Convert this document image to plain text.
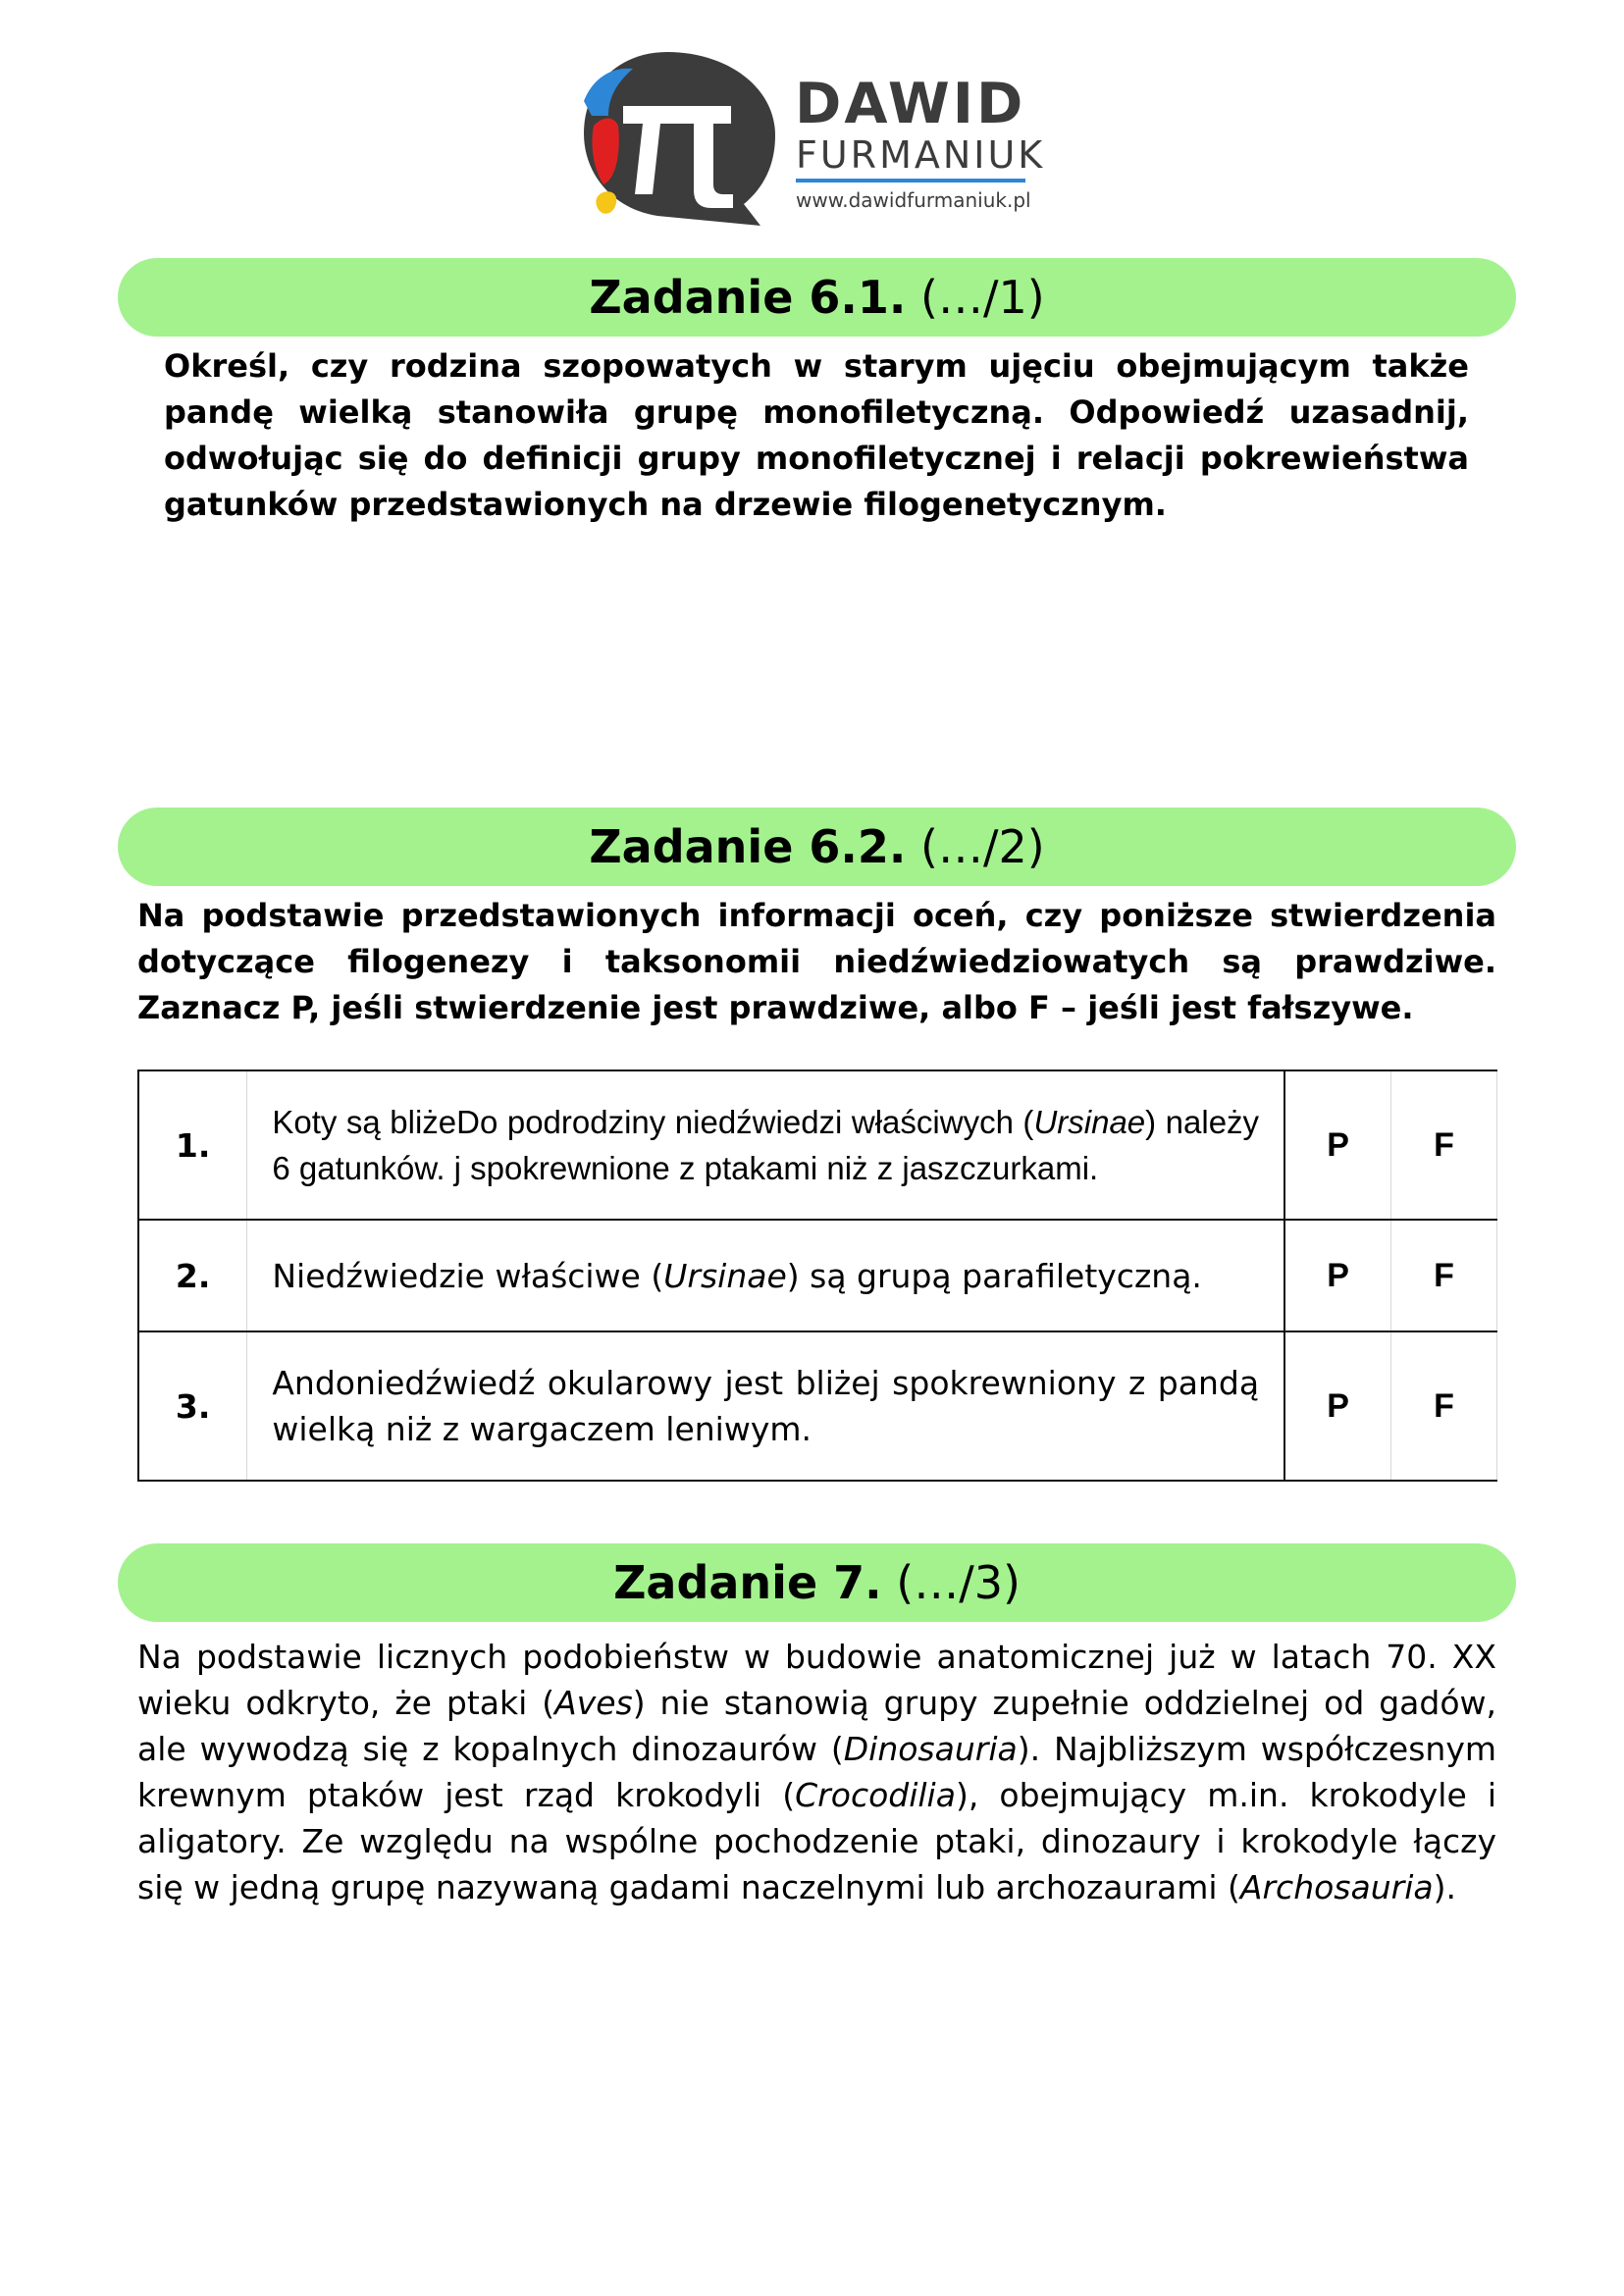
DAWID
FURMANIUK
www.dawidfurmaniuk.pl
Zadanie 6.1. (…/1)
Określ, czy rodzina szopowatych w starym ujęciu obejmującym także pandę wielką stanowiła grupę monofiletyczną. Odpowiedź uzasadnij, odwołując się do definicji grupy monofiletycznej i relacji pokrewieństwa gatunków przedstawionych na drzewie filogenetycznym.
Zadanie 6.2. (…/2)
Na podstawie przedstawionych informacji oceń, czy poniższe stwierdzenia dotyczące filogenezy i taksonomii niedźwiedziowatych są prawdziwe. Zaznacz P, jeśli stwierdzenie jest prawdziwe, albo F – jeśli jest fałszywe.
1.	Koty są bliżeDo podrodziny niedźwiedzi właściwych (Ursinae) należy 6 gatunków. j spokrewnione z ptakami niż z jaszczurkami.	P	F
2.	Niedźwiedzie właściwe (Ursinae) są grupą parafiletyczną.	P	F
3.	Andoniedźwiedź okularowy jest bliżej spokrewniony z pandą wielką niż z wargaczem leniwym.	P	F
Zadanie 7. (…/3)
Na podstawie licznych podobieństw w budowie anatomicznej już w latach 70. XX wieku odkryto, że ptaki (Aves) nie stanowią grupy zupełnie oddzielnej od gadów, ale wywodzą się z kopalnych dinozaurów (Dinosauria). Najbliższym współczesnym krewnym ptaków jest rząd krokodyli (Crocodilia), obejmujący m.in. krokodyle i aligatory. Ze względu na wspólne pochodzenie ptaki, dinozaury i krokodyle łączy się w jedną grupę nazywaną gadami naczelnymi lub archozaurami (Archosauria).
